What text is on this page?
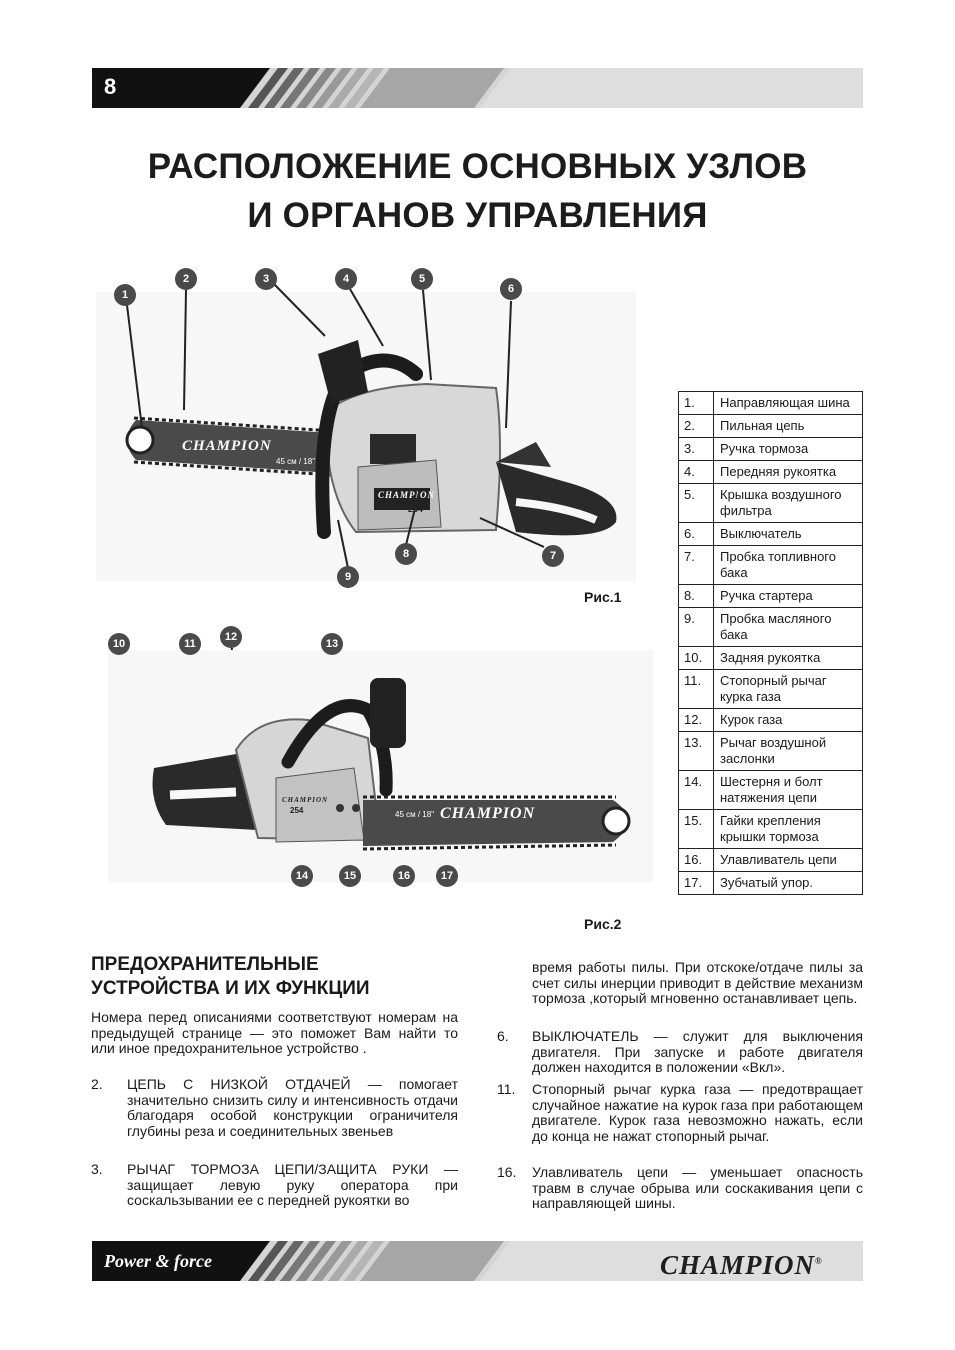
8
РАСПОЛОЖЕНИЕ ОСНОВНЫХ УЗЛОВ
И ОРГАНОВ УПРАВЛЕНИЯ
CHAMPION
45 см / 18"
CHAMPION
254
1
2	3	4	5
6
7
8
9
Рис.1
CHAMPION
45 см / 18"
CHAMPION
254
10	11
12
13
14	15	16	17
Рис.2
1.	Направляющая шина
2.	Пильная цепь
3.	Ручка тормоза
4.	Передняя рукоятка
5.	Крышка воздушного фильтра
6.	Выключатель
7.	Пробка топливного бака
8.	Ручка стартера
9.	Пробка масляного бака
10.	Задняя рукоятка
11.	Стопорный рычаг курка газа
12.	Курок газа
13.	Рычаг воздушной заслонки
14.	Шестерня и болт натяжения цепи
15.	Гайки крепления крышки тормоза
16.	Улавливатель цепи
17.	Зубчатый упор.
ПРЕДОХРАНИТЕЛЬНЫЕ
УСТРОЙСТВА И ИХ ФУНКЦИИ
Номера перед описаниями соответствуют номерам на предыдущей странице — это поможет Вам найти то или иное предохранительное устройство .
2. ЦЕПЬ С НИЗКОЙ ОТДАЧЕЙ — помогает значительно снизить силу и интенсивность отдачи благодаря особой конструкции ограничителя глубины реза и соединительных звеньев
3. РЫЧАГ ТОРМОЗА ЦЕПИ/ЗАЩИТА РУКИ — защищает левую руку оператора при соскальзывании ее с передней рукоятки во
время работы пилы. При отскоке/отдаче пилы за счет силы инерции приводит в действие механизм тормоза ,который мгновенно останавливает цепь.
6. ВЫКЛЮЧАТЕЛЬ — служит для выключения двигателя. При запуске и работе двигателя должен находится в положении «Вкл».
11. Стопорный рычаг курка газа — предотвращает случайное нажатие на курок газа при работающем двигателе. Курок газа невозможно нажать, если до конца не нажат стопорный рычаг.
16. Улавливатель цепи — уменьшает опасность травм в случае обрыва или соскакивания цепи с направляющей шины.
Power & force	CHAMPION®
